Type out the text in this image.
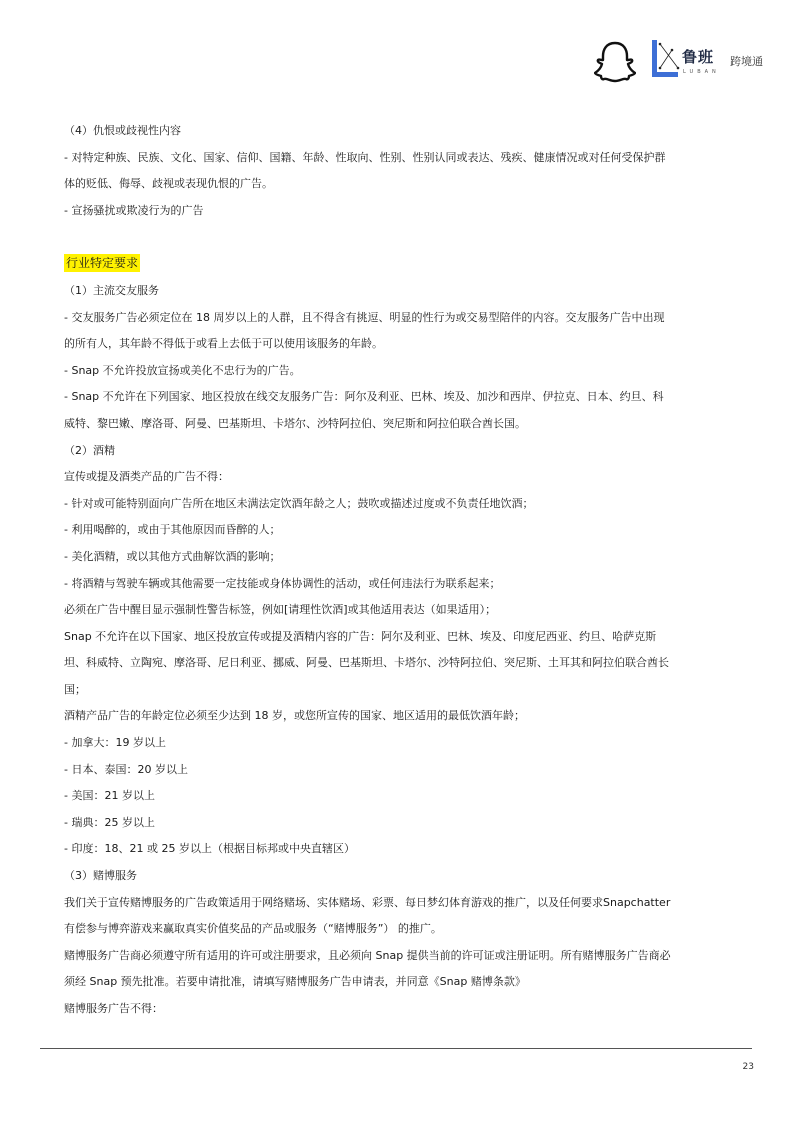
鲁班
LUBAN
跨境通
（4）仇恨或歧视性内容
- 对特定种族、民族、文化、国家、信仰、国籍、年龄、性取向、性别、性别认同或表达、残疾、健康情况或对任何受保护群
体的贬低、侮辱、歧视或表现仇恨的广告。
- 宣扬骚扰或欺凌行为的广告
行业特定要求
（1）主流交友服务
- 交友服务广告必须定位在 18 周岁以上的人群，且不得含有挑逗、明显的性行为或交易型陪伴的内容。交友服务广告中出现
的所有人，其年龄不得低于或看上去低于可以使用该服务的年龄。
- Snap 不允许投放宣扬或美化不忠行为的广告。
- Snap 不允许在下列国家、地区投放在线交友服务广告：阿尔及利亚、巴林、埃及、加沙和西岸、伊拉克、日本、约旦、科
威特、黎巴嫩、摩洛哥、阿曼、巴基斯坦、卡塔尔、沙特阿拉伯、突尼斯和阿拉伯联合酋长国。
（2）酒精
宣传或提及酒类产品的广告不得：
- 针对或可能特别面向广告所在地区未满法定饮酒年龄之人；鼓吹或描述过度或不负责任地饮酒；
- 利用喝醉的，或由于其他原因而昏醉的人；
- 美化酒精，或以其他方式曲解饮酒的影响；
- 将酒精与驾驶车辆或其他需要一定技能或身体协调性的活动，或任何违法行为联系起来；
必须在广告中醒目显示强制性警告标签，例如[请理性饮酒]或其他适用表达（如果适用）；
Snap 不允许在以下国家、地区投放宣传或提及酒精内容的广告：阿尔及利亚、巴林、埃及、印度尼西亚、约旦、哈萨克斯
坦、科威特、立陶宛、摩洛哥、尼日利亚、挪威、阿曼、巴基斯坦、卡塔尔、沙特阿拉伯、突尼斯、土耳其和阿拉伯联合酋长
国；
酒精产品广告的年龄定位必须至少达到 18 岁，或您所宣传的国家、地区适用的最低饮酒年龄；
- 加拿大：19 岁以上
- 日本、泰国：20 岁以上
- 美国：21 岁以上
- 瑞典：25 岁以上
- 印度：18、21 或 25 岁以上（根据目标邦或中央直辖区）
（3）赌博服务
我们关于宣传赌博服务的广告政策适用于网络赌场、实体赌场、彩票、每日梦幻体育游戏的推广，以及任何要求Snapchatter
有偿参与博弈游戏来赢取真实价值奖品的产品或服务（“赌博服务”） 的推广。
赌博服务广告商必须遵守所有适用的许可或注册要求，且必须向 Snap 提供当前的许可证或注册证明。所有赌博服务广告商必
须经 Snap 预先批准。若要申请批准，请填写赌博服务广告申请表，并同意《Snap 赌博条款》
赌博服务广告不得：
23
